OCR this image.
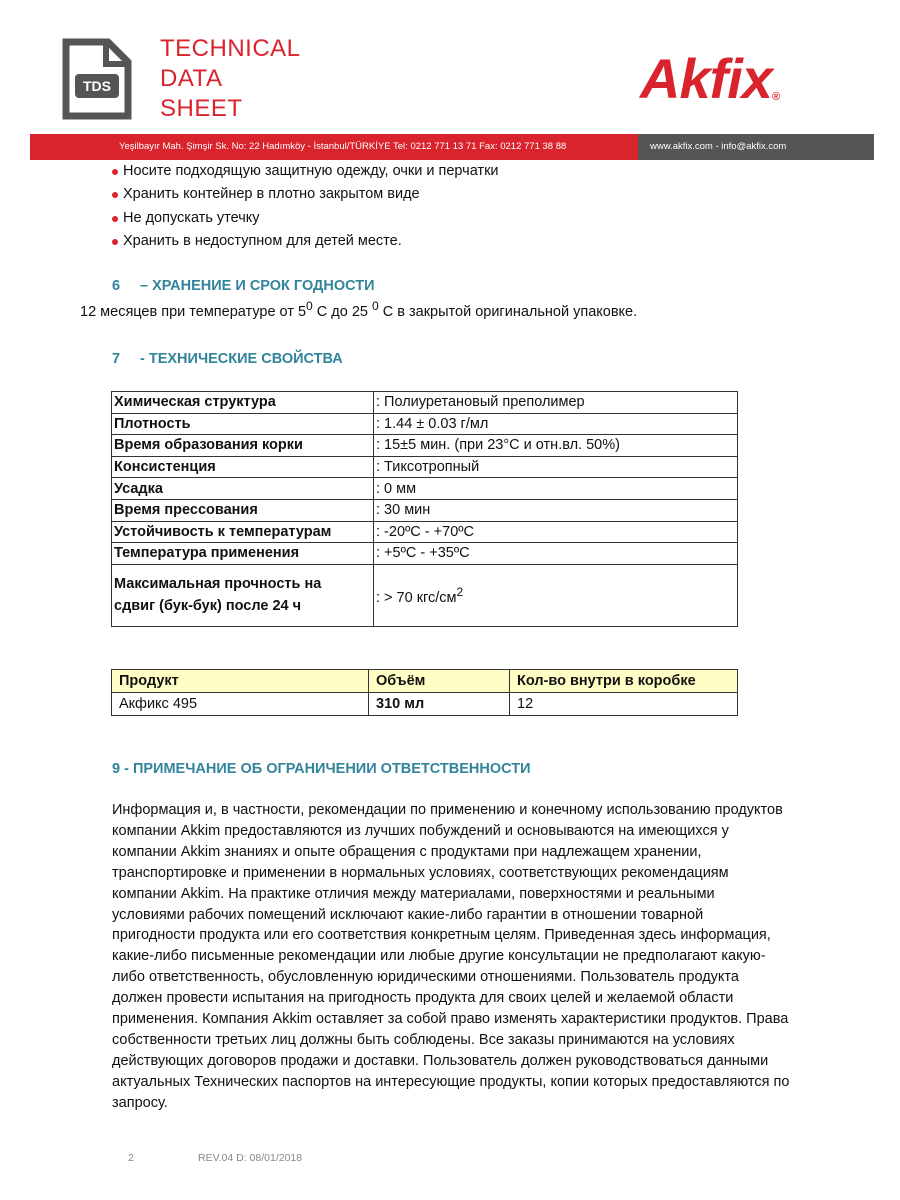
TDS
TECHNICAL
DATA
SHEET	Akfix®
Yeşilbayır Mah. Şimşir Sk. No: 22 Hadımköy - İstanbul/TÜRKİYE Tel: 0212 771 13 71 Fax: 0212 771 38 88	www.akfix.com - info@akfix.com
Носите подходящую защитную одежду, очки и перчатки
Хранить контейнер в плотно закрытом виде
Не допускать утечку
Хранить в недоступном для детей месте.
6 – ХРАНЕНИЕ И СРОК ГОДНОСТИ
12 месяцев при температуре от $5^0$ С до 25 $^0$ С в закрытой оригинальной упаковке.
7 - ТЕХНИЧЕСКИЕ СВОЙСТВА
Химическая структура	: Полиуретановый преполимер
Плотность	: 1.44 ± 0.03 г/мл
Время образования корки	: 15±5 мин. (при 23°С и отн.вл. 50%)
Консистенция	: Тиксотропный
Усадка	: 0 мм
Время прессования	: 30 мин
Устойчивость к температурам	: -20ºC - +70ºC
Температура применения	: +5ºC - +35ºC

Максимальная прочность на
сдвиг (бук-бук) после 24 ч	: > 70 кгс/$см^2$
Продукт	Объём	Кол-во внутри в коробке
Акфикс 495	310 мл	12
9 - ПРИМЕЧАНИЕ ОБ ОГРАНИЧЕНИИ ОТВЕТСТВЕННОСТИ
Информация и, в частности, рекомендации по применению и конечному использованию продуктов
компании Akkim предоставляются из лучших побуждений и основываются на имеющихся у
компании Akkim знаниях и опыте обращения с продуктами при надлежащем хранении,
транспортировке и применении в нормальных условиях, соответствующих рекомендациям
компании Akkim. На практике отличия между материалами, поверхностями и реальными
условиями рабочих помещений исключают какие-либо гарантии в отношении товарной
пригодности продукта или его соответствия конкретным целям. Приведенная здесь информация,
какие-либо письменные рекомендации или любые другие консультации не предполагают какую-
либо ответственность, обусловленную юридическими отношениями. Пользователь продукта
должен провести испытания на пригодность продукта для своих целей и желаемой области
применения. Компания Akkim оставляет за собой право изменять характеристики продуктов. Права
собственности третьих лиц должны быть соблюдены. Все заказы принимаются на условиях
действующих договоров продажи и доставки. Пользователь должен руководствоваться данными
актуальных Технических паспортов на интересующие продукты, копии которых предоставляются по
запросу.
2	REV.04 D: 08/01/2018
